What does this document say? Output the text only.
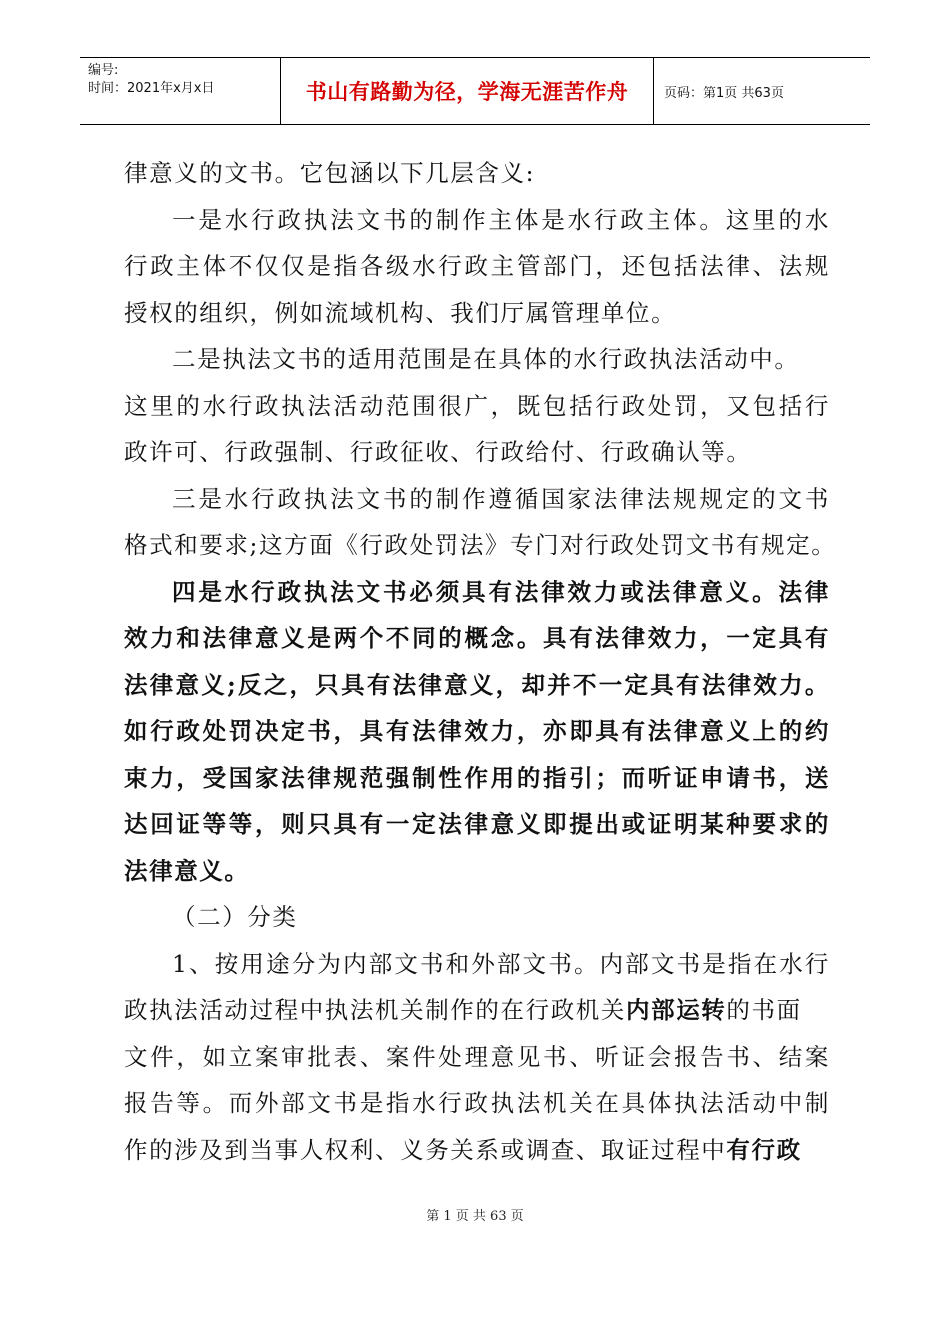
编号:
时间：2021年x月x日	书山有路勤为径，学海无涯苦作舟	页码：第1页 共63页
律意义的文书。它包涵以下几层含义:
一是水行政执法文书的制作主体是水行政主体。这里的水
行政主体不仅仅是指各级水行政主管部门，还包括法律、法规
授权的组织，例如流域机构、我们厅属管理单位。
二是执法文书的适用范围是在具体的水行政执法活动中。
这里的水行政执法活动范围很广，既包括行政处罚，又包括行
政许可、行政强制、行政征收、行政给付、行政确认等。
三是水行政执法文书的制作遵循国家法律法规规定的文书
格式和要求;这方面《行政处罚法》专门对行政处罚文书有规定。
四是水行政执法文书必须具有法律效力或法律意义。法律
效力和法律意义是两个不同的概念。具有法律效力，一定具有
法律意义;反之，只具有法律意义，却并不一定具有法律效力。
如行政处罚决定书，具有法律效力，亦即具有法律意义上的约
束力，受国家法律规范强制性作用的指引；而听证申请书，送
达回证等等，则只具有一定法律意义即提出或证明某种要求的
法律意义。
（二）分类
1、按用途分为内部文书和外部文书。内部文书是指在水行
政执法活动过程中执法机关制作的在行政机关内部运转的书面
文件，如立案审批表、案件处理意见书、听证会报告书、结案
报告等。而外部文书是指水行政执法机关在具体执法活动中制
作的涉及到当事人权利、义务关系或调查、取证过程中有行政
第 1 页 共 63 页
